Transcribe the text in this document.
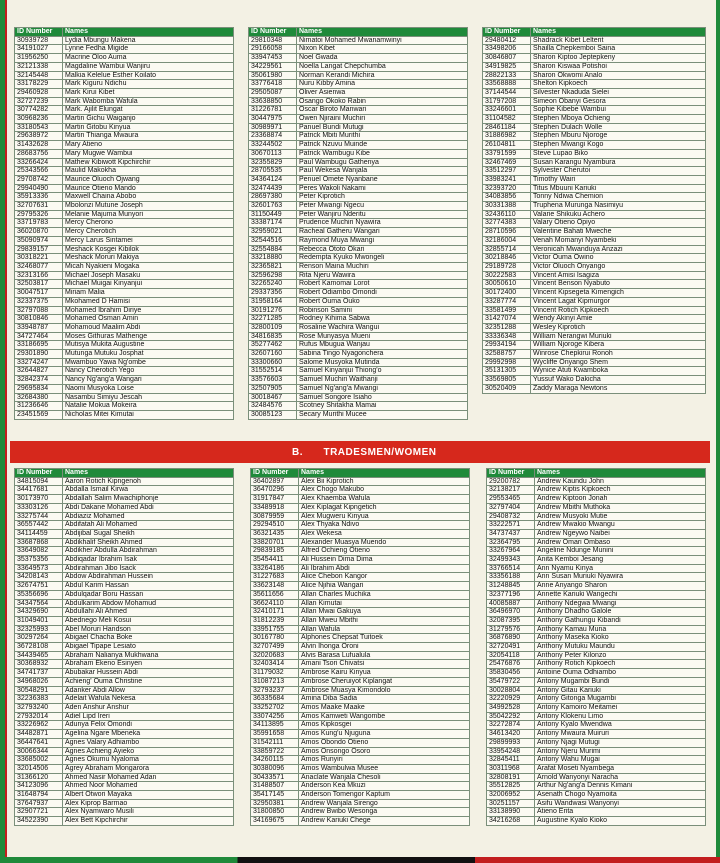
ID Number	Names
30939728	Lydia Mbungu Makena
34191027	Lynne Fedha Migide
31956250	Macrine Oloo Auma
32121338	Magdaline Wambui Wanjiru
32145448	Malkia Kelelue Esther Koilato
33178229	Mark Kiguru Ndichu
29460928	Mark Kirui Kibet
32727239	Mark Wabomba Wafula
30774282	Mark. Ajilit Elungat
30968236	Martin Gichu Waiganjo
33180543	Martin Gitobu Kinyua
29638972	Martin Thianga Mwaura
31432628	Mary Atieno
28683756	Mary Mugwe Wambui
33266424	Mathew Kibiwott Kipchirchir
25343566	Maulid Makokha
29708742	Maurice Oluoch Ojwang
29940490	Maurice Otieno Mando
35913336	Maxwell Chaina Abobo
32707631	Mbolonzi Mutune Joseph
29795326	Melanie Majuma Munyori
33719783	Mercy Cherono
36020870	Mercy Cherotich
35090974	Mercy Larus Sintamei
29839157	Meshack Kosgei Kibilok
30318221	Meshack Moruri Makiya
32468077	Micah Nyakieni Mogaka
32313166	Michael Joseph Masaku
32503817	Michael Muigai Kinyanjui
30047517	Miriam Malia
32337375	Mkohamed D Hamisi
32797088	Mohamed Ibrahim Diriye
30810846	Mohamed Osman Amin
33948787	Mohamoud Maalim Abdi
34727464	Moses Githuras Mathenge
33186695	Mutisya Mukita Augustine
29301890	Mutunga Mutuku Josphat
33274247	Mwambuo Yawa Ng'ombe
32644827	Nancy Cherotich Yego
32842374	Nancy Ng'ang'a Wangari
29695834	Naomi Musyoka Loise
32684380	Nasambu Simiyu Jescah
31236646	Natalie Mokua Mokeira
23451569	Nicholas Mitei Kimutai
ID Number	Names
29810348	Nimatoi Mohamed Mwanamwinyi
29166058	Nixon Kibet
33947453	Noel Gwada
34229561	Noella Langat Chepchumba
35061980	Norman Kerandi Michira
33776418	Nuru Kibby Amina
29505087	Oliver Asienwa
33638850	Osango Okoko Rabin
31226781	Oscar Biroto Manwari
30447975	Owen Njiraini Muchiri
30989971	Panuel Bundi Mutugi
23368874	Patrick Mbiti Murithi
33244502	Patrick Nzuvu Muinde
30670113	Patrick Wambugu Kibe
32355829	Paul Wambugu Gathenya
28705535	Paul Wekesa Wanjala
34364124	Penuel Omete Nyanbane
32474439	Peres Wakoli Nakami
28697380	Peter Kiprotich
32601763	Peter Mwangi Ngecu
31150449	Peter Wanjiru Nderitu
33387174	Prudence Muchiri Nyawira
32959021	Racheal Gatheru Wangari
32544516	Raymond Muya Mwangi
32554884	Rebecca Ototo Okari
33218880	Redempta Kyuko Mwongeli
32365821	Renson Maina Muchiri
32596298	Rita Njeru Wawira
32265240	Robert Kamomai Lorot
29337356	Robert Odiambo Omondi
31958164	Robert Ouma Ouko
30191276	Robinson Samini
32271285	Rodney Kihima Sabwa
32800109	Rosaline Wachira Wangui
34816835	Rose Munyasya Mueni
35277462	Rufus Mbugua Wanjau
32607160	Sabina Tingo Nyagonchera
33300660	Salome Musyoka Mutinda
31552514	Samuel Kinyanjui Thiong'o
33576603	Samuel Muchiri Waithanji
32507905	Samuel Ng'ang'a Mwangi
30018467	Samuel Songore Isiaho
32484576	Scotney Shitakha Mamai
30085123	Secary Murithi Mucee
ID Number	Names
29480412	Shadrack Kibet Lelterit
33498206	Shailla Chepkemboi Saina
30846807	Sharon Kiptoo Jeptepkeny
34919825	Sharon Kiswaa Potishoi
28822133	Sharon Okwomi Analo
33568888	Shelton Kipkoech
37144544	Silvester Nkaduda Sielei
31797208	Simeon Obanyi Gesora
33246601	Sophie Kibebe Wambui
31104582	Stephen Mboya Ochieng
28461184	Stephen Dulach Wolle
31886982	Stephen Mburu Njoroge
26104811	Stephen Mwangi Kogo
33791599	Steve Lupao Biko
32467469	Susan Karangu Nyambura
33512297	Sylvester Cherutoi
33983241	Timothy Wairi
32393720	Titus Mbuuni Kariuki
34083856	Tonny Ndiwa Chemion
30331388	Truphena Murunga Nasimiyu
32436110	Valarie Shikuku Achero
32774383	Valary Otieno Opiyo
28710596	Valentine Bahati Mweche
32186004	Venah Momanyi Nyambeki
32855714	Veronicah Mwanduya Anzazi
30218846	Victor Ouma Owino
29189728	Victor Oluoch Onyango
30222583	Vincent Amisi Isagiza
30050610	Vincent Benson Nyabuto
30172400	Vincent Kipsegeta Kimengich
33287774	Vincent Lagat Kipmurgor
33581499	Vincent Rotich Kipkoech
31427074	Wendy Akinyi Amie
32351288	Wesley Kiprotich
33336348	William Nerangwi Muriuki
29934194	William Njoroge Kibera
32588757	Winrose Chepkirui Ronoh
29992998	Wycliffe Onyango Shem
35131305	Wynice Atuti Kwamboka
33569805	Yussuf Wako Dakicha
30520409	Zaddy Maraga Newtons
B. TRADESMEN/WOMEN
ID Number	Names
34815094	Aaron Rotich Kipngenoh
34417681	Abdalla Ismail Kirwa
30173970	Abdallah Salim Mwachiphonje
33303126	Abdi Dakane Mohamed Abdi
33275744	Abdiaziz Mohamed
36557442	Abdifatah Ali Mohamed
34114459	Abdijibal Sugal Sheikh
33687868	Abdikhalif Sheikh Ahmed
33649082	Abdikher Abdulla Abdirahman
35375356	Abdiqadar Ibrahim Isak
33649573	Abdirahman Jibo Isack
34208143	Abdow Abdirahman Hussein
32674751	Abdul Karim Hassan
35356696	Abdulqadar Boru Hassan
34347564	Abdulkarim Abdow Mohamud
34329690	Abdullahi Ali Ahmed
31049401	Abednego Meli Kosui
32325993	Abel Moruri Handson
30297264	Abigael Chacha Boke
36728108	Abigael Tipape Lesiato
34439465	Abraham Nalianya Mukhwana
30368932	Abraham Ekeno Esinyen
34741737	Abubakar Hussein Abdi
34968026	Achieng' Ouma Christine
30548291	Adanker Abdi Allow
32236383	Adelait Wafula Nekesa
32793240	Aden Anshur Anshur
27932014	Adiel Lipd Ireri
33226962	Adunya Felix Omondi
34482871	Agelina Ngare Mbeneka
36447641	Agnes Valary Adhiambo
30066344	Agnes Achieng Ayieko
33685002	Agnes Okumu Nyaloma
32014506	Agrey Abraham Mongarora
31366120	Ahmed Nasir Mohamed Adan
34123096	Ahmed Noor Mohamed
31648794	Albert Otwori Mayaka
37647937	Alex Kiprop Barmao
32907721	Alex Nyamwaro Musili
34522390	Alex Bett Kipchirchir
ID Number	Names
36402897	Alex Bii Kiprotich
36470296	Alex Chogo Makubo
31917847	Alex Khaemba Wafula
33489918	Alex Kiplagat Kipngetich
30879959	Alex Mugweru Kinyua
29294510	Alex Thyaka Ndivo
36321435	Alex Wekesa
33820701	Alexander Muasya Muendo
29839185	Alfred Ochieng Otieno
35454411	Ali Hussein Dima Dima
33264186	Ali Ibrahim Abdi
31227683	Alice Chebon Kangor
33623148	Alice Njihia Wangari
35611656	Allan Charles Muchika
36624110	Allan Kimutai
32410171	Allan Mwai Gakuya
31812239	Allan Mweu Mbithi
33951755	Allan Wafula
30167780	Alphones Chepsat Tuitoek
32707499	Alvin Ihonga Oroni
32020683	Alvis Barasa Lufualula
32403414	Amani Tsori Chivatsi
31179032	Ambrose Kairu Kinyua
31087213	Ambrose Cheruiyot Kiplangat
32793237	Ambrose Muasya Kimondolo
36335684	Amina Diba Sadia
33252702	Amos Maake Maake
33074256	Amos Kamweti Wangombe
34113895	Amos Kipkosgei
35991658	Amos Kung'u Njuguna
31542111	Amos Obondo Otieno
33859722	Amos Onsongo Osoro
34260115	Amos Runyiri
30380096	Amos Wambulwa Musee
30433571	Anaclate Wanjala Chesoli
31488507	Anderson Kea Mkuzi
35417145	Anderson Tomengor Kaptum
32950381	Andrew Wanjala Sirengo
31800850	Andrew Bwibo Wesonga
34169675	Andrew Kariuki Chege
ID Number	Names
29200782	Andrew Kaundu John
32138217	Andrew Kiptis Kipkoech
29553465	Andrew Kiptoon Jonah
32797404	Andrew Mbithi Muthoka
29408732	Andrew Musyoki Mutie
33222571	Andrew Mwakio Mwangu
34737437	Andrew Ngeywo Naibei
32364795	Andrew Omari Ombaso
33267964	Angeline Ndunge Munini
32499343	Anita Kemboi Jesang
33766514	Ann Nyamu Kinya
33356188	Ann Susan Muriuki Nyawira
31248845	Anne Anyango Sharon
32377196	Annette Kariuki Wangechi
40085887	Anthony Ndegwa Mwangi
36496970	Anthony Dhadho Galole
32087395	Anthony Gathungu Kibandi
31279576	Anthony Kamau Muna
36876890	Anthony Maseka Kioko
32720491	Anthony Mutuku Maundu
32054118	Anthony Peter Kilonzo
25476876	Anthony Rotich Kipkoech
35830456	Antoine Ouma Odhiambo
35479722	Antony Mugambi Bundi
30028804	Antony Gitau Kariuki
32220929	Antony Gitonga Mugambi
34992528	Antony Kamoiro Meitamei
35042292	Antony Klokenu Limo
32272874	Antony Kyalo Mwendwa
34613420	Antony Mwaura Muiruri
29899993	Antony Njagi Mutugi
33954248	Antony Njeru Murimi
32845411	Antony Wahu Mugai
30311968	Arafat Moseti Nyambega
32808191	Arnold Wanyonyi Naracha
35512825	Arthur Ng'ang'a Dennis Kimani
32006952	Asenath Chogo Nyamoita
30251157	Asifu Wandwasi Wanyonyi
33138990	Atieno Erita
34216268	Augustine Kyalo Kioko
